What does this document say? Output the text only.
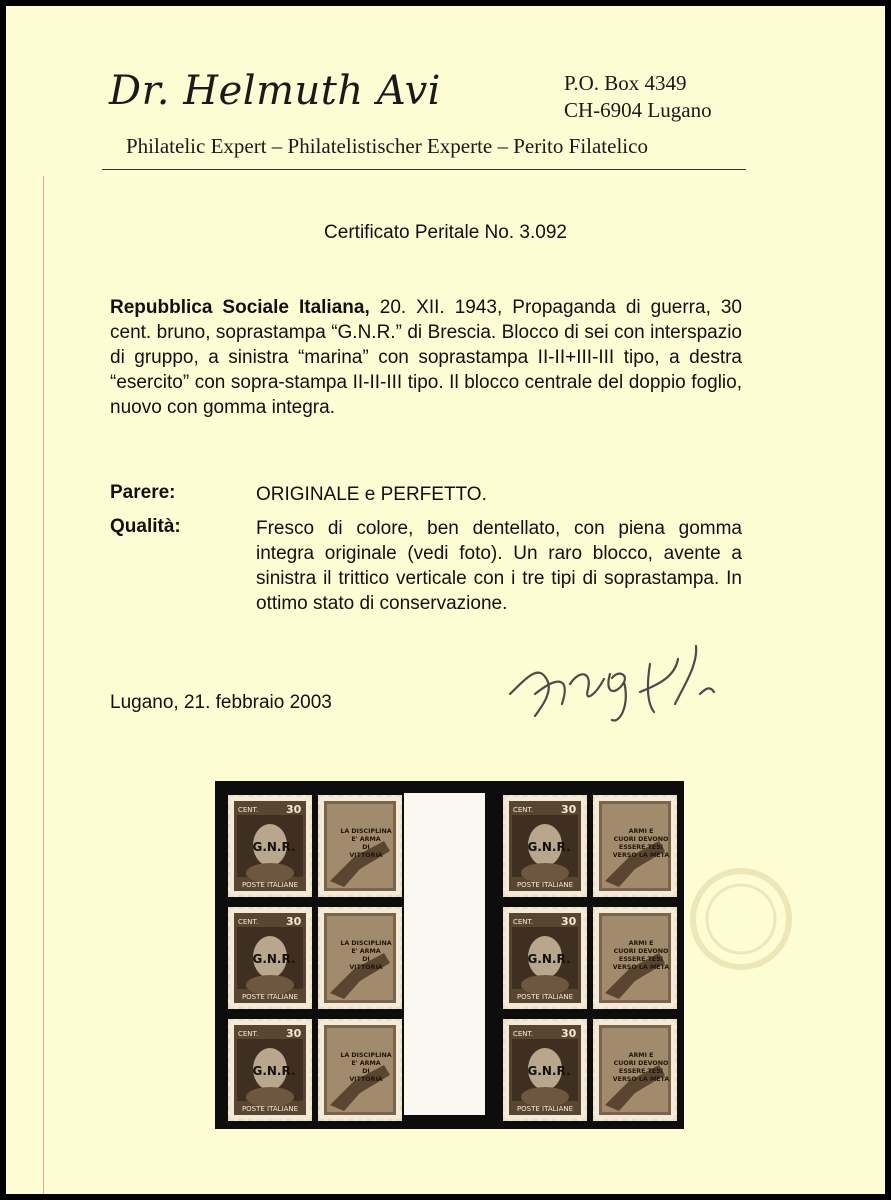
Dr. Helmuth Avi	P.O. Box 4349
CH-6904 Lugano
Philatelic Expert – Philatelistischer Experte – Perito Filatelico
Certificato Peritale No. 3.092
Repubblica Sociale Italiana, 20. XII. 1943, Propaganda di guerra, 30 cent. bruno, soprastampa “G.N.R.” di Brescia. Blocco di sei con interspazio di gruppo, a sinistra “marina” con soprastampa II-II+III-III tipo, a destra “esercito” con sopra-stampa II-II-III tipo. Il blocco centrale del doppio foglio, nuovo con gomma integra.
Parere:	ORIGINALE e PERFETTO.
Qualità:	Fresco di colore, ben dentellato, con piena gomma integra originale (vedi foto). Un raro blocco, avente a sinistra il trittico verticale con i tre tipi di soprastampa. In ottimo stato di conservazione.
Lugano, 21. febbraio 2003
CENT.	30
POSTE ITALIANE
G.N.R.
LA DISCIPLINA
E' ARMA
DI
VITTORIA
CENT.	30
POSTE ITALIANE
G.N.R.
ARMI E
CUORI DEVONO
ESSERE TESI
VERSO LA META
CENT.	30
POSTE ITALIANE
G.N.R.
LA DISCIPLINA
E' ARMA
DI
VITTORIA
CENT.	30
POSTE ITALIANE
G.N.R.
ARMI E
CUORI DEVONO
ESSERE TESI
VERSO LA META
CENT.	30
POSTE ITALIANE
G.N.R.
LA DISCIPLINA
E' ARMA
DI
VITTORIA
CENT.	30
POSTE ITALIANE
G.N.R.
ARMI E
CUORI DEVONO
ESSERE TESI
VERSO LA META
